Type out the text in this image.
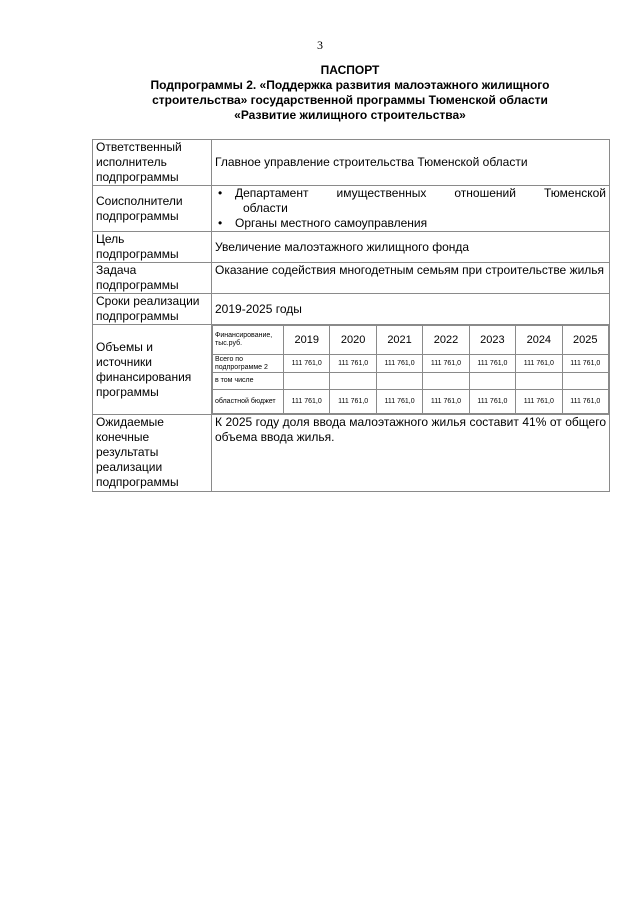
3
ПАСПОРТ
Подпрограммы 2. «Поддержка развития малоэтажного жилищного
строительства» государственной программы Тюменской области
«Развитие жилищного строительства»
Ответственный
исполнитель
подпрограммы
	Главное управление строительства Тюменской области

Соисполнители
подпрограммы

• Департамент имущественных отношений Тюменской
области
• Органы местного самоуправления

Цель
подпрограммы
	Увеличение малоэтажного жилищного фонда

Задача
подпрограммы
	Оказание содействия многодетным семьям при строительстве жилья

Сроки реализации
подпрограммы
	2019-2025 годы

Объемы и
источники
финансирования
программы

Финансирование, тыс.руб.	2019	2020	2021	2022	2023	2024	2025
Всего по подпрограмме 2	111 761,0	111 761,0	111 761,0	111 761,0	111 761,0	111 761,0	111 761,0
в том числе							
областной бюджет	111 761,0	111 761,0	111 761,0	111 761,0	111 761,0	111 761,0	111 761,0

Ожидаемые
конечные
результаты
реализации
подпрограммы
	К 2025 году доля ввода малоэтажного жилья составит 41% от общего объема ввода жилья.
